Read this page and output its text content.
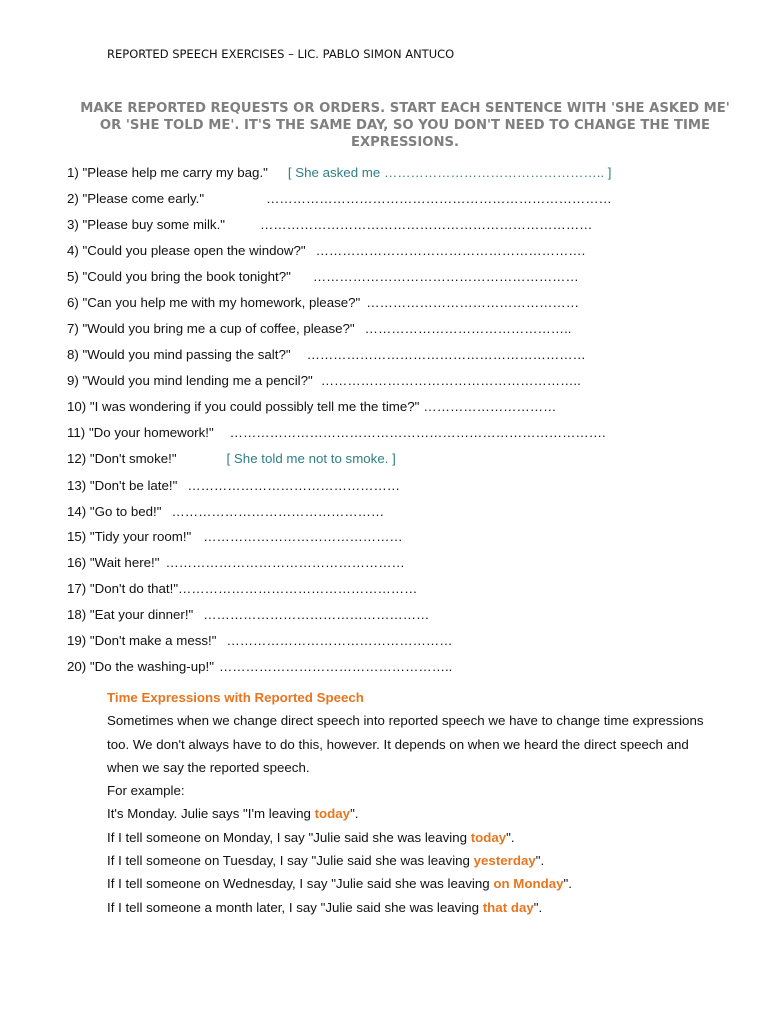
REPORTED SPEECH EXERCISES – LIC. PABLO SIMON ANTUCO
MAKE REPORTED REQUESTS OR ORDERS. START EACH SENTENCE WITH 'SHE ASKED ME' OR 'SHE TOLD ME'. IT'S THE SAME DAY, SO YOU DON'T NEED TO CHANGE THE TIME EXPRESSIONS.
1) "Please help me carry my bag." [ She asked me ………………………………………….. ]
2) "Please come early."	……………………………………………………………………
3) "Please buy some milk."	…………………………………………………………………
4) "Could you please open the window?" …………………………………………………….
5) "Could you bring the book tonight?" ……………………………………………………
6) "Can you help me with my homework, please?" …………………………………………
7) "Would you bring me a cup of coffee, please?" ………………………………………..
8) "Would you mind passing the salt?" ………………………………………………………
9) "Would you mind lending me a pencil?" …………………………………………………..
10) "I was wondering if you could possibly tell me the time?" …………………………
11) "Do your homework!" ………………………………………………………………………….
12) "Don't smoke!"	[ She told me not to smoke. ]
13) "Don't be late!" …………………………………………
14) "Go to bed!" …………………………………………
15) "Tidy your room!" ………………………………………
16) "Wait here!" ………………………………………………
17) "Don't do that!"………………………………………………
18) "Eat your dinner!" ……………………………………………
19) "Don't make a mess!" ……………………………………………
20) "Do the washing-up!" ……………………………………………..
Time Expressions with Reported Speech
Sometimes when we change direct speech into reported speech we have to change time expressions too. We don't always have to do this, however. It depends on when we heard the direct speech and when we say the reported speech.
For example:
It's Monday. Julie says "I'm leaving today".
If I tell someone on Monday, I say "Julie said she was leaving today".
If I tell someone on Tuesday, I say "Julie said she was leaving yesterday".
If I tell someone on Wednesday, I say "Julie said she was leaving on Monday".
If I tell someone a month later, I say "Julie said she was leaving that day".
